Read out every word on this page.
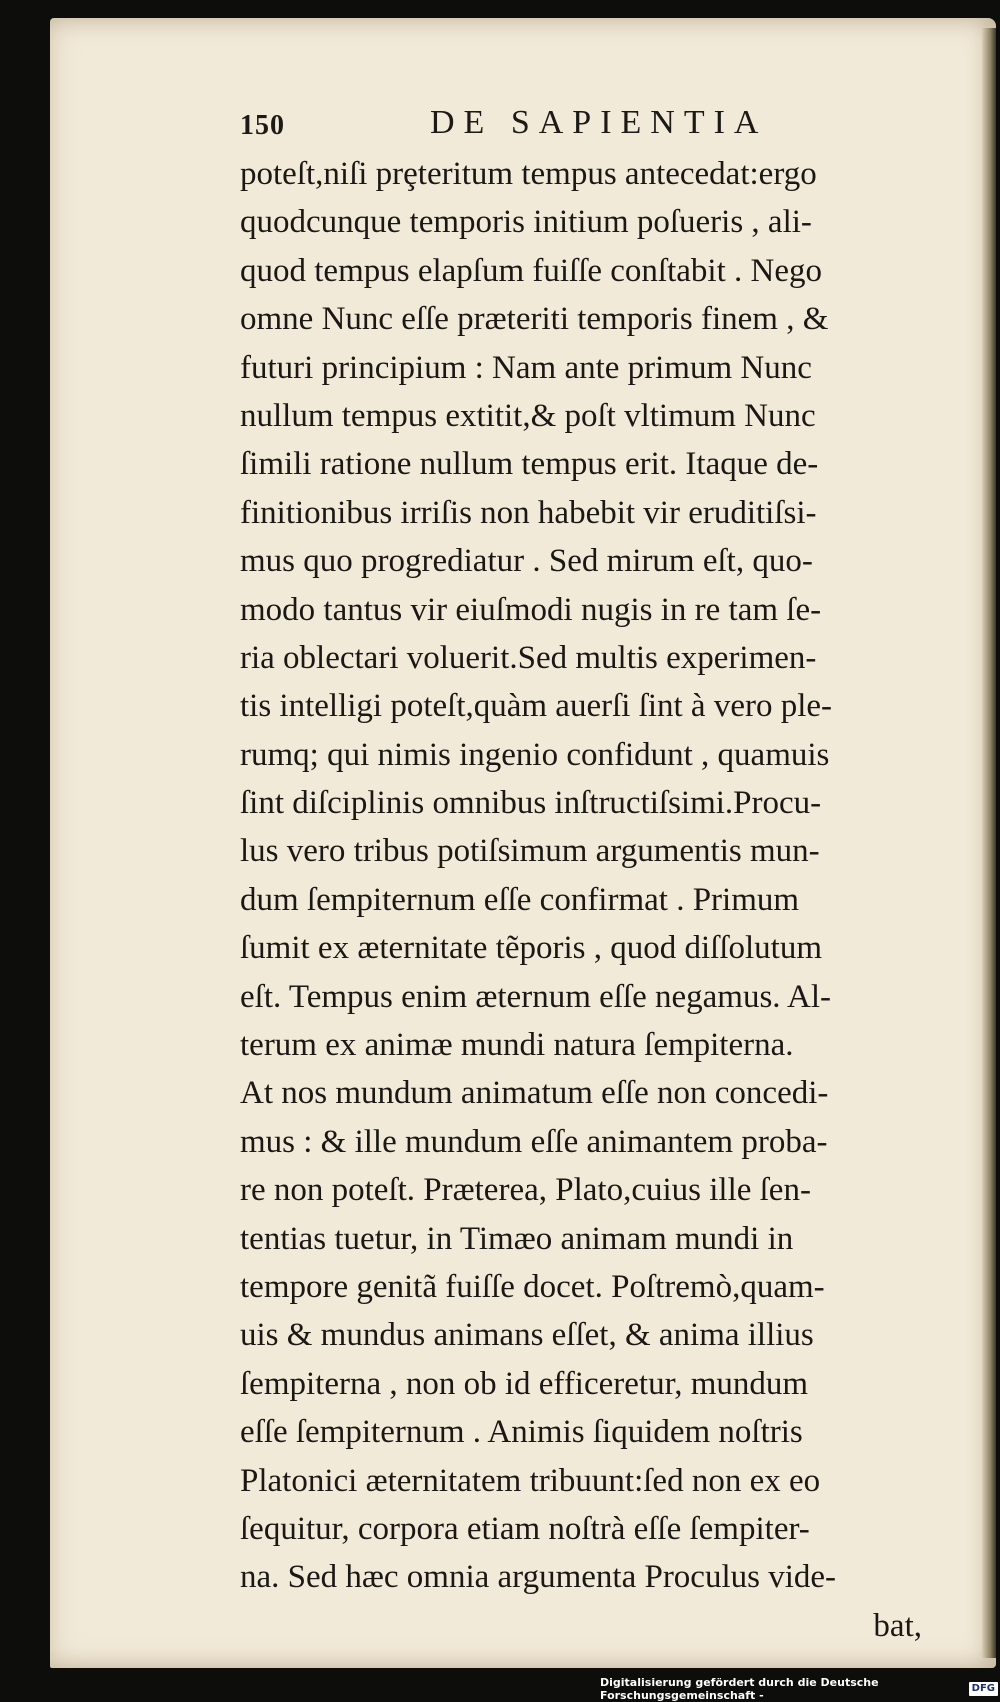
150	DE SAPIENTIA
poteſt,niſi prȩteritum tempus antecedat:ergo
quodcunque temporis initium poſueris , ali-
quod tempus elapſum fuiſſe conſtabit . Nego
omne Nunc eſſe præteriti temporis finem , &
futuri principium : Nam ante primum Nunc
nullum tempus extitit,& poſt vltimum Nunc
ſimili ratione nullum tempus erit. Itaque de-
finitionibus irriſis non habebit vir eruditiſsi-
mus quo progrediatur . Sed mirum eſt, quo-
modo tantus vir eiuſmodi nugis in re tam ſe-
ria oblectari voluerit.Sed multis experimen-
tis intelligi poteſt,quàm auerſi ſint à vero ple-
rumq; qui nimis ingenio confidunt , quamuis
ſint diſciplinis omnibus inſtructiſsimi.Procu-
lus vero tribus potiſsimum argumentis mun-
dum ſempiternum eſſe confirmat . Primum
ſumit ex æternitate tẽporis , quod diſſolutum
eſt. Tempus enim æternum eſſe negamus. Al-
terum ex animæ mundi natura ſempiterna.
At nos mundum animatum eſſe non concedi-
mus : & ille mundum eſſe animantem proba-
re non poteſt. Præterea, Plato,cuius ille ſen-
tentias tuetur, in Timæo animam mundi in
tempore genitã fuiſſe docet. Poſtremò,quam-
uis & mundus animans eſſet, & anima illius
ſempiterna , non ob id efficeretur, mundum
eſſe ſempiternum . Animis ſiquidem noſtris
Platonici æternitatem tribuunt:ſed non ex eo
ſequitur, corpora etiam noſtrà eſſe ſempiter-
na. Sed hæc omnia argumenta Proculus vide-
bat,
Digitalisierung gefördert durch die Deutsche Forschungsgemeinschaft -
DFG
